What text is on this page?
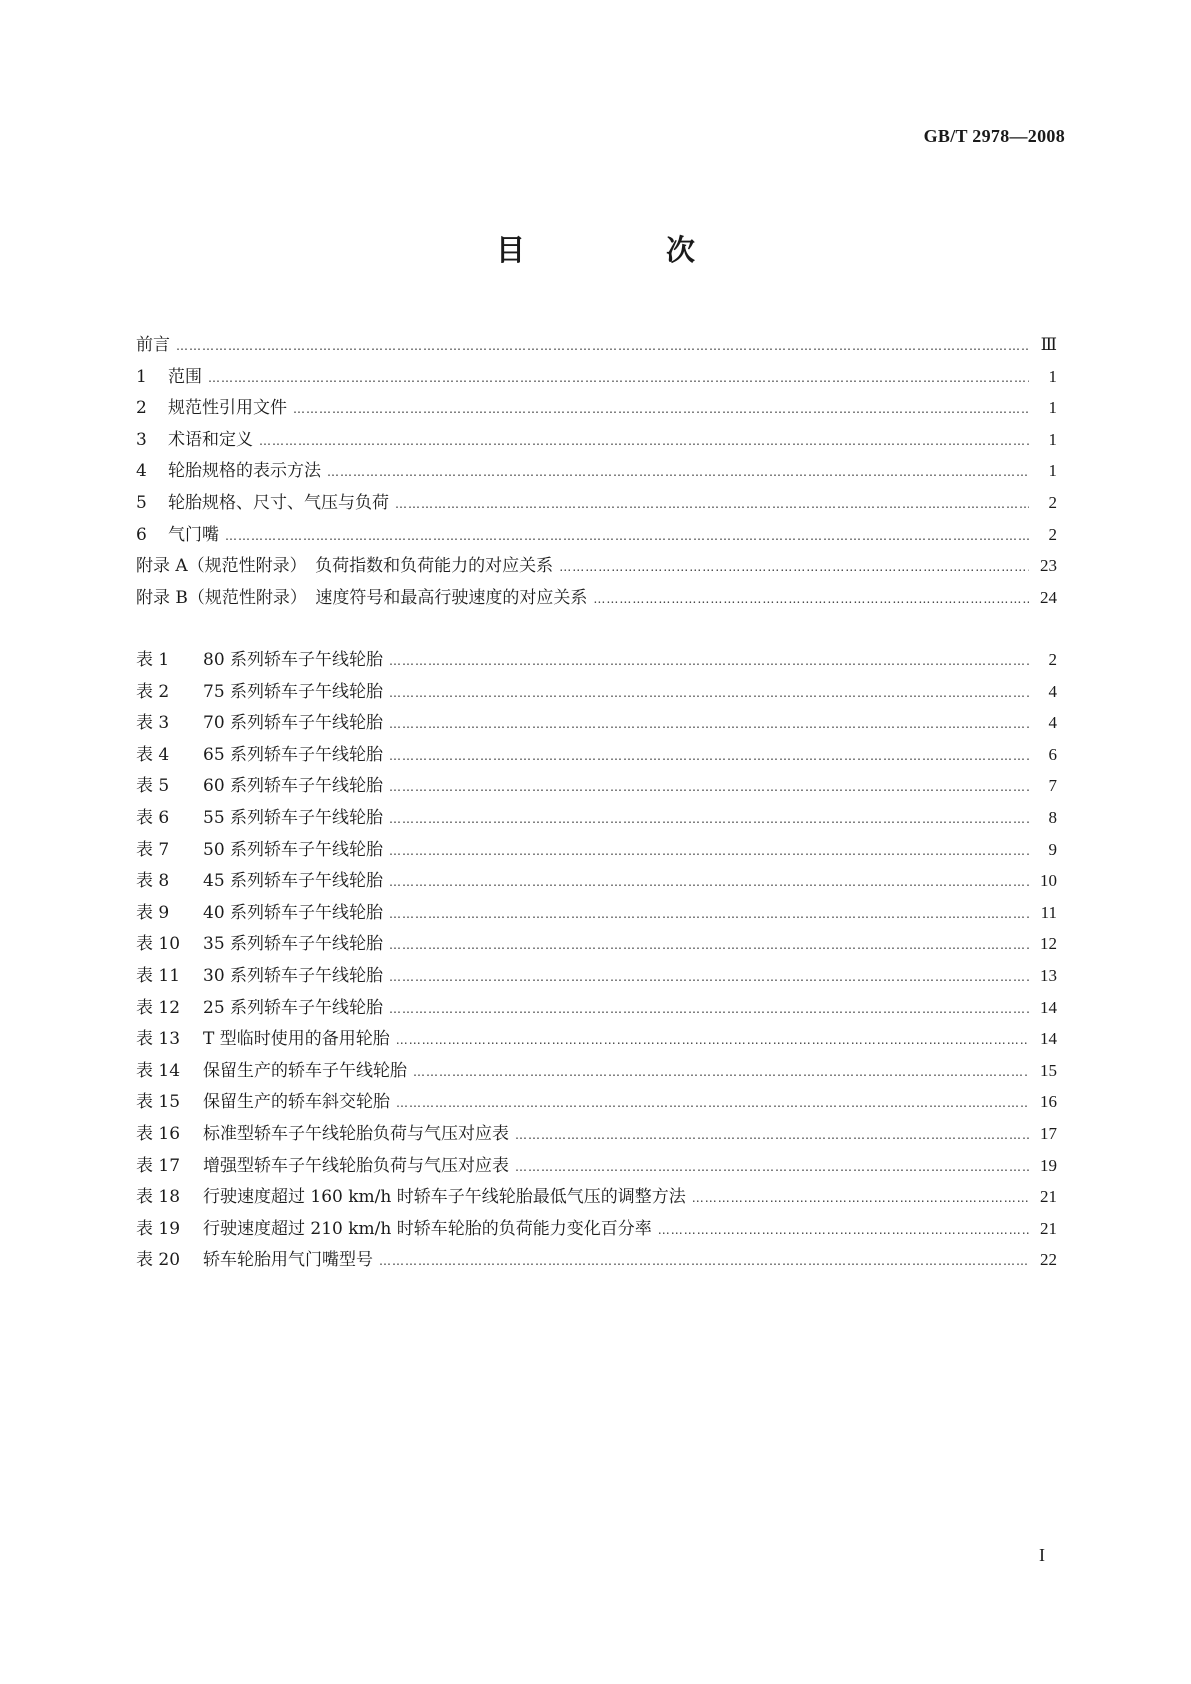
GB/T 2978—2008
目　次
前言 ……………………………………………………………………………………………………………………………………………………………………………………………………………………………………………………………………………………………………………	Ⅲ
1	范围 ……………………………………………………………………………………………………………………………………………………………………………………………………………………………………………………………………………………………………………	1
2	规范性引用文件 ……………………………………………………………………………………………………………………………………………………………………………………………………………………………………………………………………………………………………………	1
3	术语和定义 ……………………………………………………………………………………………………………………………………………………………………………………………………………………………………………………………………………………………………………	1
4	轮胎规格的表示方法 ……………………………………………………………………………………………………………………………………………………………………………………………………………………………………………………………………………………………………………	1
5	轮胎规格、尺寸、气压与负荷 ……………………………………………………………………………………………………………………………………………………………………………………………………………………………………………………………………………………………………………	2
6	气门嘴 ……………………………………………………………………………………………………………………………………………………………………………………………………………………………………………………………………………………………………………	2
附录 A（规范性附录）　负荷指数和负荷能力的对应关系 ……………………………………………………………………………………………………………………………………………………………………………………………………………………………………………………………………………………………………………	23
附录 B（规范性附录）　速度符号和最高行驶速度的对应关系 ……………………………………………………………………………………………………………………………………………………………………………………………………………………………………………………………………………………………………………	24
表 1	80 系列轿车子午线轮胎 ……………………………………………………………………………………………………………………………………………………………………………………………………………………………………………………………………………………………………………	2
表 2	75 系列轿车子午线轮胎 ……………………………………………………………………………………………………………………………………………………………………………………………………………………………………………………………………………………………………………	4
表 3	70 系列轿车子午线轮胎 ……………………………………………………………………………………………………………………………………………………………………………………………………………………………………………………………………………………………………………	4
表 4	65 系列轿车子午线轮胎 ……………………………………………………………………………………………………………………………………………………………………………………………………………………………………………………………………………………………………………	6
表 5	60 系列轿车子午线轮胎 ……………………………………………………………………………………………………………………………………………………………………………………………………………………………………………………………………………………………………………	7
表 6	55 系列轿车子午线轮胎 ……………………………………………………………………………………………………………………………………………………………………………………………………………………………………………………………………………………………………………	8
表 7	50 系列轿车子午线轮胎 ……………………………………………………………………………………………………………………………………………………………………………………………………………………………………………………………………………………………………………	9
表 8	45 系列轿车子午线轮胎 ……………………………………………………………………………………………………………………………………………………………………………………………………………………………………………………………………………………………………………	10
表 9	40 系列轿车子午线轮胎 ……………………………………………………………………………………………………………………………………………………………………………………………………………………………………………………………………………………………………………	11
表 10	35 系列轿车子午线轮胎 ……………………………………………………………………………………………………………………………………………………………………………………………………………………………………………………………………………………………………………	12
表 11	30 系列轿车子午线轮胎 ……………………………………………………………………………………………………………………………………………………………………………………………………………………………………………………………………………………………………………	13
表 12	25 系列轿车子午线轮胎 ……………………………………………………………………………………………………………………………………………………………………………………………………………………………………………………………………………………………………………	14
表 13	T 型临时使用的备用轮胎 ……………………………………………………………………………………………………………………………………………………………………………………………………………………………………………………………………………………………………………	14
表 14	保留生产的轿车子午线轮胎 ……………………………………………………………………………………………………………………………………………………………………………………………………………………………………………………………………………………………………………	15
表 15	保留生产的轿车斜交轮胎 ……………………………………………………………………………………………………………………………………………………………………………………………………………………………………………………………………………………………………………	16
表 16	标准型轿车子午线轮胎负荷与气压对应表 ……………………………………………………………………………………………………………………………………………………………………………………………………………………………………………………………………………………………………………	17
表 17	增强型轿车子午线轮胎负荷与气压对应表 ……………………………………………………………………………………………………………………………………………………………………………………………………………………………………………………………………………………………………………	19
表 18	行驶速度超过 160 km/h 时轿车子午线轮胎最低气压的调整方法 ……………………………………………………………………………………………………………………………………………………………………………………………………………………………………………………………………………………………………………	21
表 19	行驶速度超过 210 km/h 时轿车轮胎的负荷能力变化百分率 ……………………………………………………………………………………………………………………………………………………………………………………………………………………………………………………………………………………………………………	21
表 20	轿车轮胎用气门嘴型号 ……………………………………………………………………………………………………………………………………………………………………………………………………………………………………………………………………………………………………………	22
I
